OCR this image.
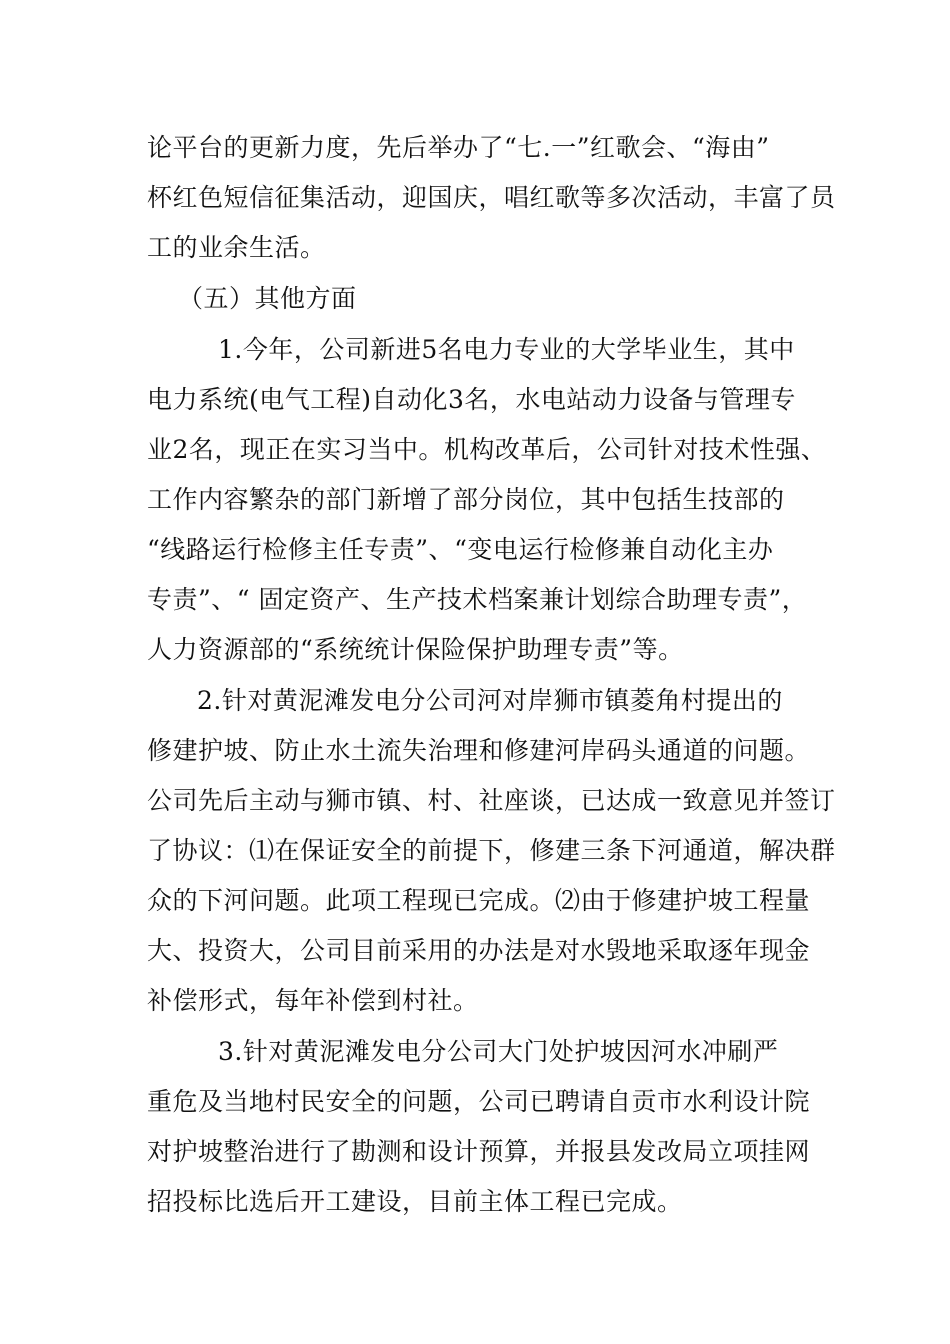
论平台的更新力度，先后举办了“七.一”红歌会、“海由”
杯红色短信征集活动，迎国庆，唱红歌等多次活动，丰富了员
工的业余生活。
（五）其他方面
1.今年，公司新进5名电力专业的大学毕业生，其中
电力系统(电气工程)自动化3名，水电站动力设备与管理专
业2名，现正在实习当中。机构改革后，公司针对技术性强、
工作内容繁杂的部门新增了部分岗位，其中包括生技部的
“线路运行检修主任专责”、“变电运行检修兼自动化主办
专责”、“ 固定资产、生产技术档案兼计划综合助理专责”，
人力资源部的“系统统计保险保护助理专责”等。
2.针对黄泥滩发电分公司河对岸狮市镇菱角村提出的
修建护坡、防止水土流失治理和修建河岸码头通道的问题。
公司先后主动与狮市镇、村、社座谈，已达成一致意见并签订
了协议：⑴在保证安全的前提下，修建三条下河通道，解决群
众的下河问题。此项工程现已完成。⑵由于修建护坡工程量
大、投资大，公司目前采用的办法是对水毁地采取逐年现金
补偿形式，每年补偿到村社。
3.针对黄泥滩发电分公司大门处护坡因河水冲刷严
重危及当地村民安全的问题，公司已聘请自贡市水利设计院
对护坡整治进行了勘测和设计预算，并报县发改局立项挂网
招投标比选后开工建设，目前主体工程已完成。
